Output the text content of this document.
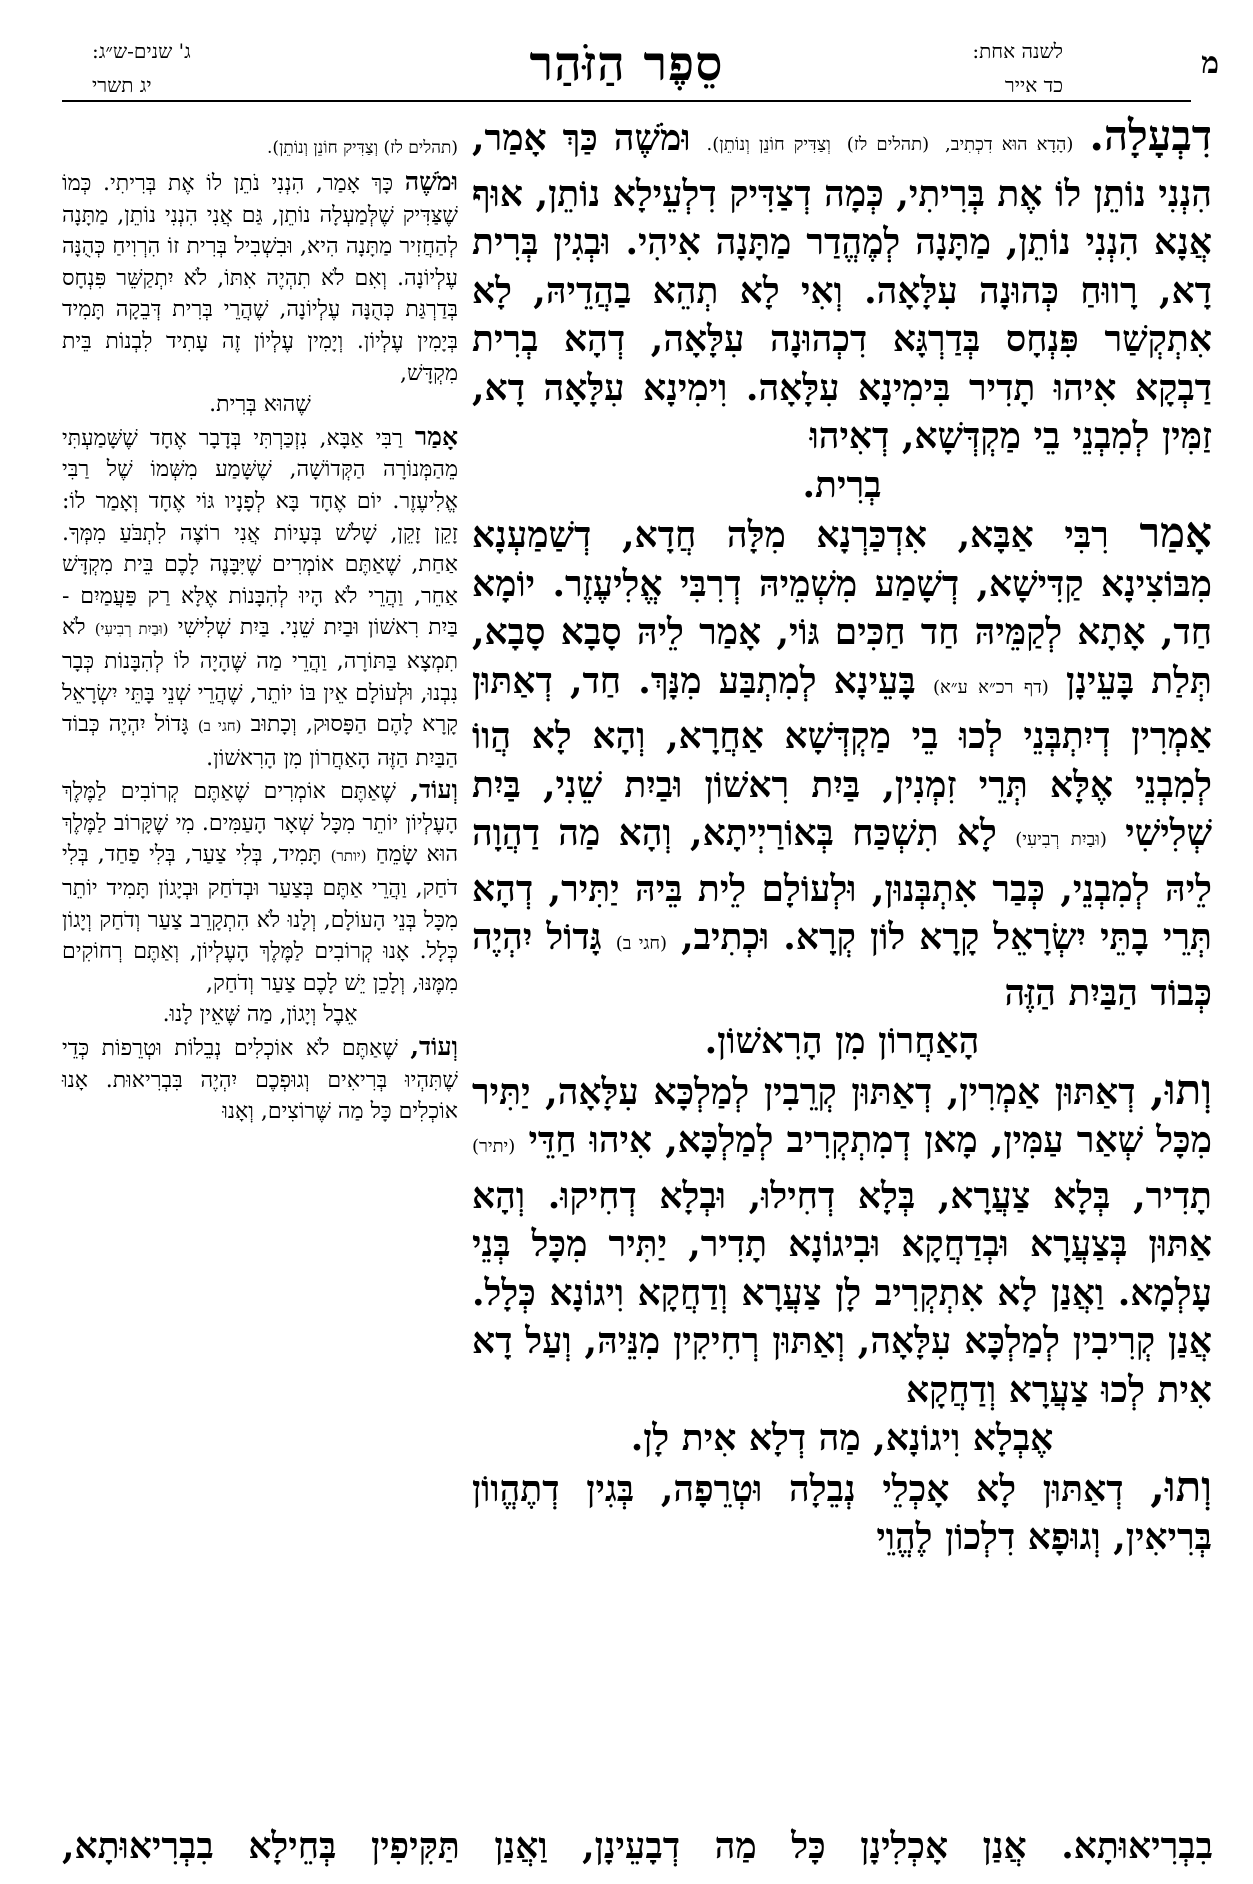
מ
לשנה אחת:
כד אייר
סֵפֶר הַזֹּהַר
ג' שנים-ש״ג:
יג תשרי

דִבְעָלָה. (הָדָא הוּא דִכְתִיב, (תהלים לז) וְצַדִּיק חוֹנֵן וְנוֹתֵן). וּמֹשֶׁה כַּךְ אָמַר, הִנְנִי נוֹתֵן לוֹ אֶת בְּרִיתִי, כְּמָה דְצַדִּיק דִלְעֵילָא נוֹתֵן, אוּף אֲנָא הִנְנִי נוֹתֵן, מַתָּנָה לְמֶהֱדַר מַתָּנָה אִיהִי. וּבְגִין בְּרִית דָא, רָווּחַ כְּהוּנָה עִלָּאָה. וְאִי לָא תְהֵא בַהֲדֵיהּ, לָא אִתְקְשַׁר פִּנְחָס בְּדַרְגָּא דִכְהוּנָה עִלָּאָה, דְהָא בְרִית דַבְקָא אִיהוּ תָדִיר בִּימִינָא עִלָּאָה. וִימִינָא עִלָּאָה דָא, זַמִּין לְמִבְנֵי בֵי מַקְדְּשָׁא, דְאִיהוּ

בְרִית.

אָמַר רִבִּי אַבָּא, אִדְכַּרְנָא מִלָּה חֲדָא, דְשַׁמַעְנָא מִבּוֹצִינָא קַדִּישָׁא, דְשָׁמַע מִשְׁמֵיהּ דְרִבִּי אֱלִיעֶזֶר. יוֹמָא חַד, אָתָא לְקַמֵּיהּ חַד חַכִּים גּוֹי, אָמַר לֵיהּ סָבָא סָבָא, תְּלַת בָּעֵינָן (דף רכ״א ע״א) בָּעֵינָא לְמִתְבַּע מִנָּךְ. חַד, דְאַתּוּן אַמְרִין דְיִתְבְּנֵי לְכוּ בֵי מַקְדְּשָׁא אַחֲרָא, וְהָא לָא הֲווֹ לְמִבְנֵי אֶלָּא תְּרֵי זִמְנִין, בַּיִת רִאשׁוֹן וּבַיִת שֵׁנִי, בַּיִת שְׁלִישִׁי (וּבַיִת רְבִיעִי) לָא תִשְׁכַּח בְּאוֹרַיְיתָא, וְהָא מַה דַהֲוָה לֵיהּ לְמִבְנֵי, כְּבַר אִתְבְּנוּן, וּלְעוֹלָם לֵית בֵּיהּ יַתִּיר, דְהָא תְּרֵי בָתֵּי יִשְׂרָאֵל קָרָא לוֹן קְרָא. וּכְתִיב, (חגי ב) גָּדוֹל יִהְיֶה כְּבוֹד הַבַּיִת הַזֶּה

הָאַחֲרוֹן מִן הָרִאשׁוֹן.

וְתוּ, דְאַתּוּן אַמְרִין, דְאַתּוּן קְרֵבִין לְמַלְכָּא עִלָּאָה, יַתִּיר מִכָּל שְׁאַר עַמִּין, מָאן דְמִתְקְרִיב לְמַלְכָּא, אִיהוּ חַדֵּי (יתיר) תָדִיר, בְּלָא צַעֲרָא, בְּלָא דְחִילוּ, וּבְלָא דְחִיקוּ. וְהָא אַתּוּן בְּצַעֲרָא וּבְדַחֲקָא וּבִיגוֹנָא תָדִיר, יַתִּיר מִכָּל בְּנֵי עָלְמָא. וַאֲנַן לָא אִתְקְרִיב לָן צַעֲרָא וְדַחֲקָא וִיגוֹנָא כְּלָל. אֲנַן קְרִיבִין לְמַלְכָּא עִלָּאָה, וְאַתּוּן רְחִיקִין מִנֵּיהּ, וְעַל דָא אִית לְכוּ צַעֲרָא וְדַחֲקָא

אֶבְלָא וִיגוֹנָא, מַה דְלָא אִית לָן.

וְתוּ, דְאַתּוּן לָא אָכְלֵי נְבֵלָה וּטְרֵפָה, בְּגִין דְתֶהֱווֹן בְּרִיאִין, וְגוּפָא דִלְכוֹן לֶהֱוֵי

(תהלים לז) וְצַדִּיק חוֹנֵן וְנוֹתֵן).

וּמֹשֶׁה כָּךְ אָמַר, הִנְנִי נֹתֵן לוֹ אֶת בְּרִיתִי. כְּמוֹ שֶׁצַּדִּיק שֶׁלְּמַעְלָה נוֹתֵן, גַּם אֲנִי הִנְנִי נוֹתֵן, מַתָּנָה לְהַחֲזִיר מַתָּנָה הִיא, וּבִשְׁבִיל בְּרִית זוֹ הִרְוִיחַ כְּהֻנָּה עֶלְיוֹנָה. וְאִם לֹא תִהְיֶה אִתּוֹ, לֹא יִתְקַשֵּׁר פִּנְחָס בְּדַרְגַּת כְּהֻנָּה עֶלְיוֹנָה, שֶׁהֲרֵי בְּרִית דְּבֵקָה תָּמִיד בְּיָמִין עֶלְיוֹן. וְיָמִין עֶלְיוֹן זֶה עָתִיד לִבְנוֹת בֵּית מִקְדָּשׁ,

שֶׁהוּא בְּרִית.

אָמַר רַבִּי אַבָּא, נִזְכַּרְתִּי בְּדָבָר אֶחָד שֶׁשָּׁמַעְתִּי מֵהַמְּנוֹרָה הַקְּדוֹשָׁה, שֶׁשָּׁמַע מִשְּׁמוֹ שֶׁל רַבִּי אֱלִיעֶזֶר. יוֹם אֶחָד בָּא לְפָנָיו גּוֹי אֶחָד וְאָמַר לוֹ: זָקֵן זָקֵן, שָׁלֹשׁ בְּעָיוֹת אֲנִי רוֹצֶה לִתְבֹּעַ מִמְּךָ. אַחַת, שֶׁאַתֶּם אוֹמְרִים שֶׁיִּבָּנֶה לָכֶם בֵּית מִקְדָּשׁ אַחֵר, וַהֲרֵי לֹא הָיוּ לְהִבָּנוֹת אֶלָּא רַק פַּעֲמַיִם - בַּיִת רִאשׁוֹן וּבַיִת שֵׁנִי. בַּיִת שְׁלִישִׁי (וּבַיִת רְבִיעִי) לֹא תִמְצָא בַּתּוֹרָה, וַהֲרֵי מַה שֶּׁהָיָה לוֹ לְהִבָּנוֹת כְּבָר נִבְנוּ, וּלְעוֹלָם אֵין בּוֹ יוֹתֵר, שֶׁהֲרֵי שְׁנֵי בָּתֵּי יִשְׂרָאֵל קָרָא לָהֶם הַפָּסוּק, וְכָתוּב (חגי ב) גָּדוֹל יִהְיֶה כְּבוֹד הַבַּיִת הַזֶּה הָאַחֲרוֹן מִן הָרִאשׁוֹן.

וְעוֹד, שֶׁאַתֶּם אוֹמְרִים שֶׁאַתֶּם קְרוֹבִים לַמֶּלֶךְ הָעֶלְיוֹן יוֹתֵר מִכָּל שְׁאָר הָעַמִּים. מִי שֶׁקָּרוֹב לַמֶּלֶךְ הוּא שָׂמֵחַ (יותר) תָּמִיד, בְּלִי צַעַר, בְּלִי פַחַד, בְּלִי דֹחַק, וַהֲרֵי אַתֶּם בְּצַעַר וּבְדֹחַק וּבְיָגוֹן תָּמִיד יוֹתֵר מִכָּל בְּנֵי הָעוֹלָם, וְלָנוּ לֹא הִתְקָרֵב צַעַר וְדֹחַק וְיָגוֹן כְּלָל. אָנוּ קְרוֹבִים לַמֶּלֶךְ הָעֶלְיוֹן, וְאַתֶּם רְחוֹקִים מִמֶּנּוּ, וְלָכֵן יֵשׁ לָכֶם צַעַר וְדֹחַק,

אֵבֶל וְיָגוֹן, מַה שֶּׁאֵין לָנוּ.

וְעוֹד, שֶׁאַתֶּם לֹא אוֹכְלִים נְבֵלוֹת וּטְרֵפוֹת כְּדֵי שֶׁתִּהְיוּ בְּרִיאִים וְגוּפְכֶם יִהְיֶה בִּבְרִיאוּת. אָנוּ אוֹכְלִים כָּל מַה שֶּׁרוֹצִים, וְאָנוּ

בִבְרִיאוּתָא. אֲנַן אָכְלִינָן כָּל מַה דְבָעֵינָן, וַאֲנַן תַּקִּיפִין בְּחֵילָא בִבְרִיאוּתָא,
